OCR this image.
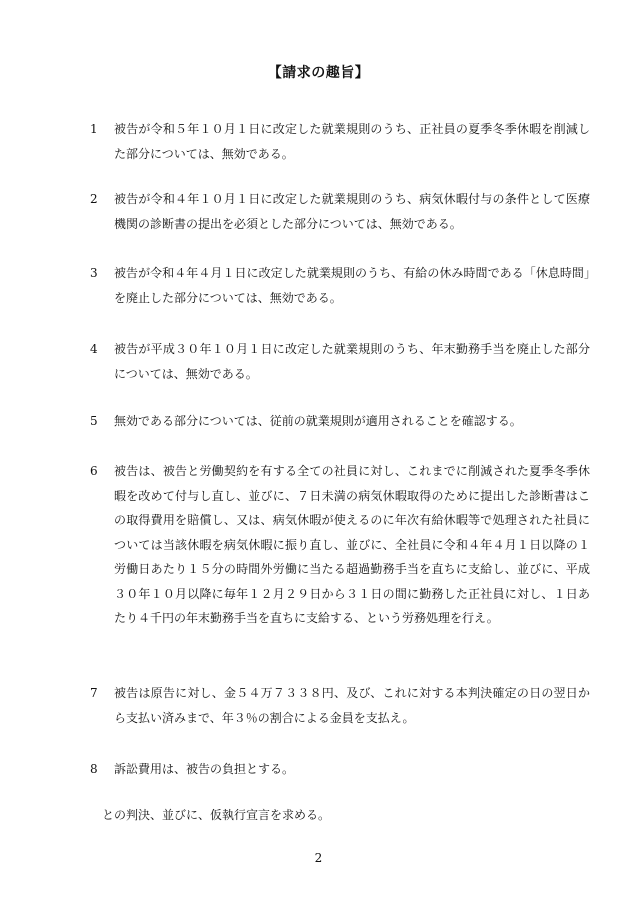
【請求の趣旨】
1 被告が令和５年１０月１日に改定した就業規則のうち、正社員の夏季冬季休暇を削減した部分については、無効である。
2 被告が令和４年１０月１日に改定した就業規則のうち、病気休暇付与の条件として医療機関の診断書の提出を必須とした部分については、無効である。
3 被告が令和４年４月１日に改定した就業規則のうち、有給の休み時間である「休息時間」を廃止した部分については、無効である。
4 被告が平成３０年１０月１日に改定した就業規則のうち、年末勤務手当を廃止した部分については、無効である。
5 無効である部分については、従前の就業規則が適用されることを確認する。
6 被告は、被告と労働契約を有する全ての社員に対し、これまでに削減された夏季冬季休暇を改めて付与し直し、並びに、７日未満の病気休暇取得のために提出した診断書はこの取得費用を賠償し、又は、病気休暇が使えるのに年次有給休暇等で処理された社員については当該休暇を病気休暇に振り直し、並びに、全社員に令和４年４月１日以降の１労働日あたり１５分の時間外労働に当たる超過勤務手当を直ちに支給し、並びに、平成３０年１０月以降に毎年１２月２９日から３１日の間に勤務した正社員に対し、１日あたり４千円の年末勤務手当を直ちに支給する、という労務処理を行え。
7 被告は原告に対し、金５４万７３３８円、及び、これに対する本判決確定の日の翌日から支払い済みまで、年３％の割合による金員を支払え。
8 訴訟費用は、被告の負担とする。
との判決、並びに、仮執行宣言を求める。
2
